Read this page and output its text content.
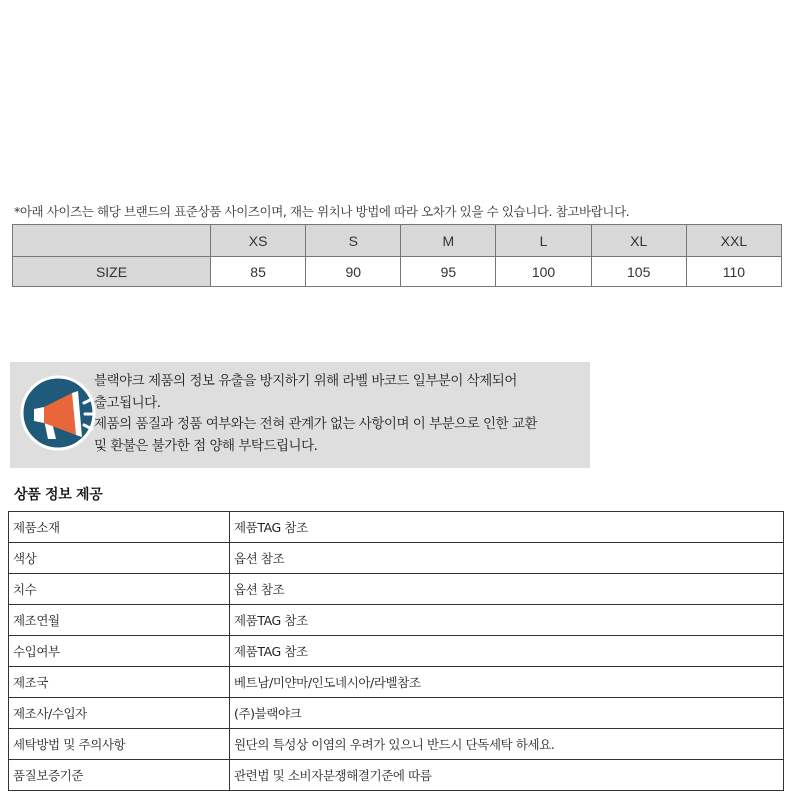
*아래 사이즈는 해당 브랜드의 표준상품 사이즈이며, 재는 위치나 방법에 따라 오차가 있을 수 있습니다. 참고바랍니다.
	XS	S	M	L	XL	XXL
SIZE	85	90	95	100	105	110
블랙야크 제품의 정보 유출을 방지하기 위해 라벨 바코드 일부분이 삭제되어
출고됩니다.
제품의 품질과 정품 여부와는 전혀 관계가 없는 사항이며 이 부분으로 인한 교환
및 환불은 불가한 점 양해 부탁드립니다.
상품 정보 제공
제품소재	제품TAG 참조
색상	옵션 참조
치수	옵션 참조
제조연월	제품TAG 참조
수입여부	제품TAG 참조
제조국	베트남/미얀마/인도네시아/라벨참조
제조사/수입자	(주)블랙야크
세탁방법 및 주의사항	원단의 특성상 이염의 우려가 있으니 반드시 단독세탁 하세요.
품질보증기준	관련법 및 소비자분쟁해결기준에 따름
